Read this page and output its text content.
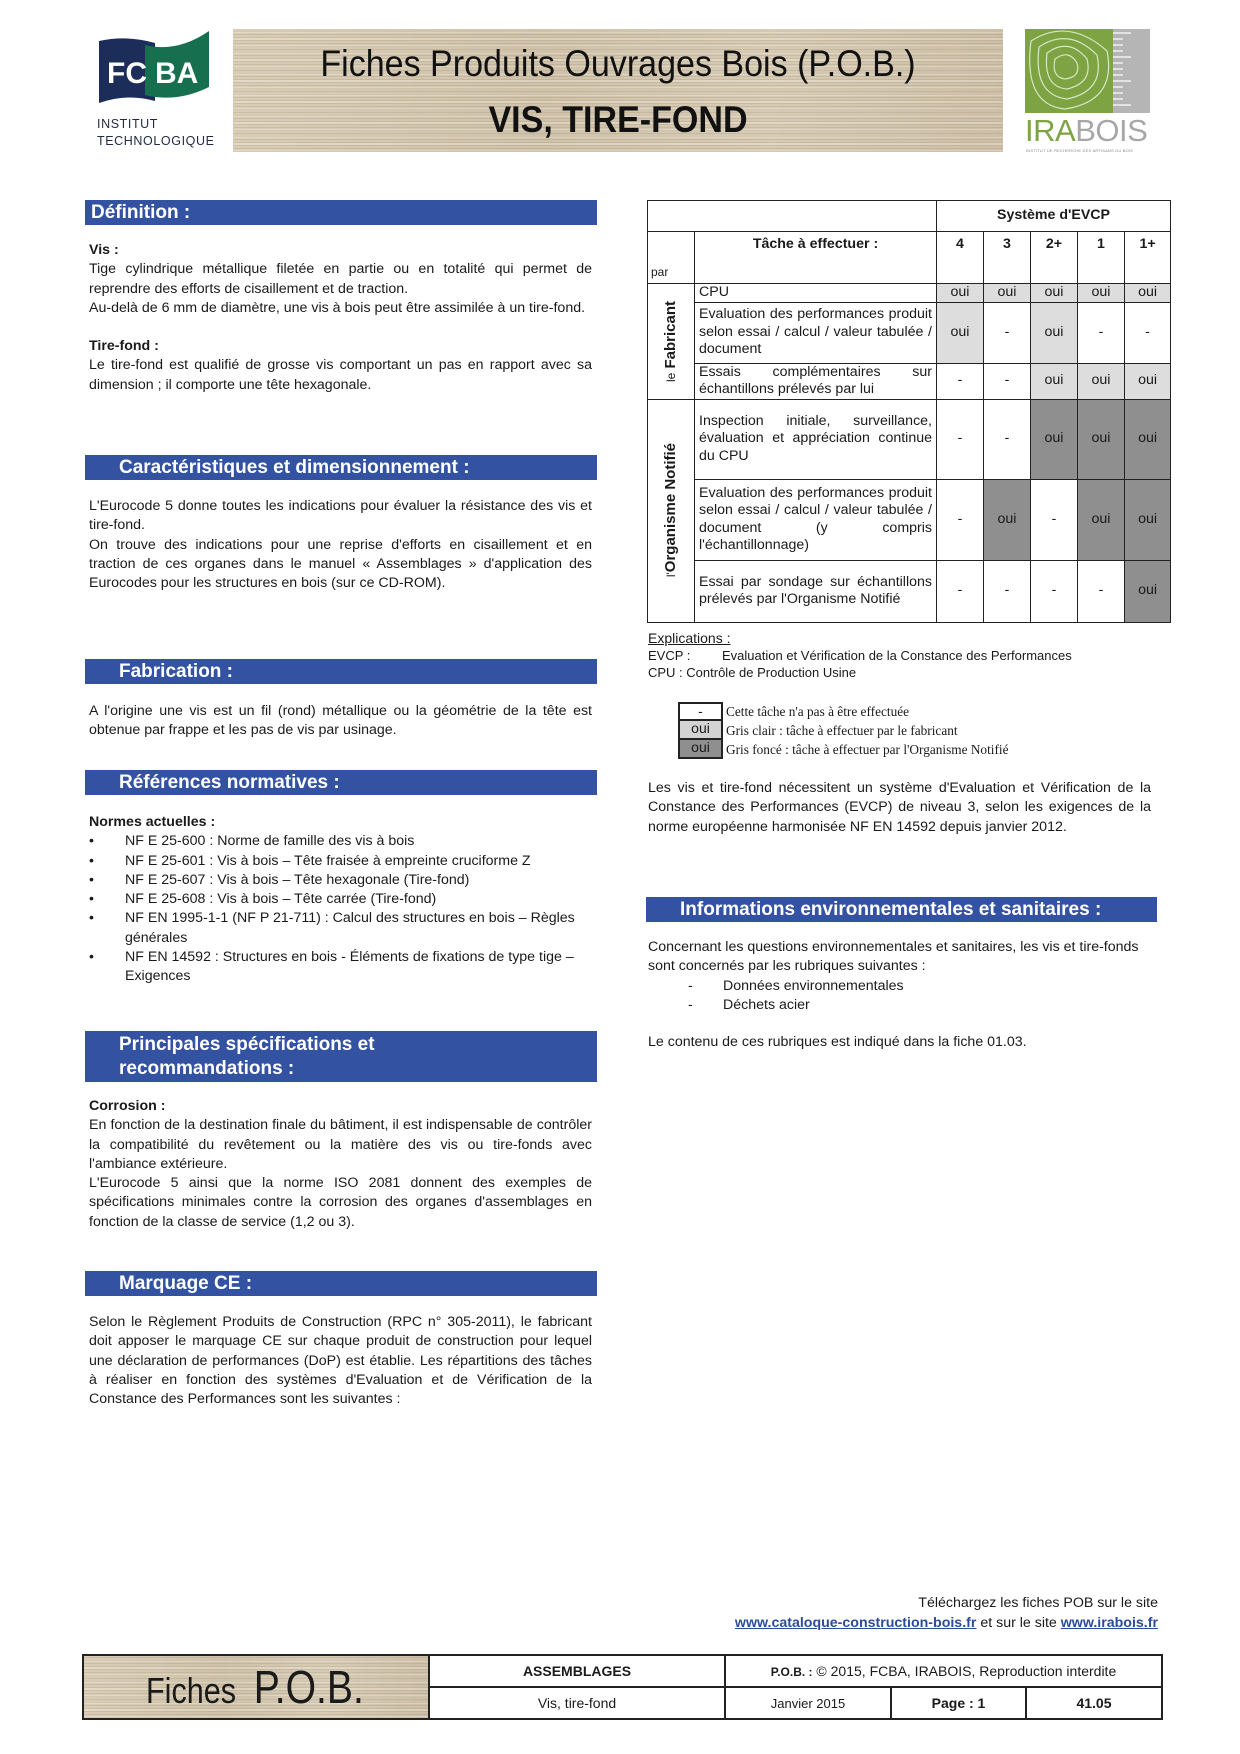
FC BA
INSTITUT
TECHNOLOGIQUE
Fiches Produits Ouvrages Bois (P.O.B.)
VIS, TIRE-FOND	IRABOIS
INSTITUT DE RECHERCHE DES ARTISANS DU BOIS
Définition :
Vis :
Tige cylindrique métallique filetée en partie ou en totalité qui permet de reprendre des efforts de cisaillement et de traction.
Au-delà de 6 mm de diamètre, une vis à bois peut être assimilée à un tire-fond.
Tire-fond :
Le tire-fond est qualifié de grosse vis comportant un pas en rapport avec sa dimension ; il comporte une tête hexagonale.
Caractéristiques et dimensionnement :
L'Eurocode 5 donne toutes les indications pour évaluer la résistance des vis et tire-fond.
On trouve des indications pour une reprise d'efforts en cisaillement et en traction de ces organes dans le manuel « Assemblages » d'application des Eurocodes pour les structures en bois (sur ce CD-ROM).
Fabrication :
A l'origine une vis est un fil (rond) métallique ou la géométrie de la tête est obtenue par frappe et les pas de vis par usinage.
Références normatives :
Normes actuelles :
• NF E 25-600 : Norme de famille des vis à bois
• NF E 25-601 : Vis à bois – Tête fraisée à empreinte cruciforme Z
• NF E 25-607 : Vis à bois – Tête hexagonale (Tire-fond)
• NF E 25-608 : Vis à bois – Tête carrée (Tire-fond)
• NF EN 1995-1-1 (NF P 21-711) : Calcul des structures en bois – Règles générales
• NF EN 14592 : Structures en bois - Éléments de fixations de type tige – Exigences
Principales spécifications et
recommandations :
Corrosion :
En fonction de la destination finale du bâtiment, il est indispensable de contrôler la compatibilité du revêtement ou la matière des vis ou tire-fonds avec l'ambiance extérieure.
L'Eurocode 5 ainsi que la norme ISO 2081 donnent des exemples de spécifications minimales contre la corrosion des organes d'assemblages en fonction de la classe de service (1,2 ou 3).
Marquage CE :
Selon le Règlement Produits de Construction (RPC n° 305-2011), le fabricant doit apposer le marquage CE sur chaque produit de construction pour lequel une déclaration de performances (DoP) est établie. Les répartitions des tâches à réaliser en fonction des systèmes d'Evaluation et de Vérification de la Constance des Performances sont les suivantes :
		Système d'EVCP				
par	Tâche à effectuer :	4	3	2+	1	1+

le Fabricant	CPU	oui	oui	oui	oui	oui
	Evaluation des performances produit selon essai / calcul / valeur tabulée / document	oui	-	oui	-	-
	Essais complémentaires sur échantillons prélevés par lui	-	-	oui	oui	oui

l'Organisme Notifié	Inspection initiale, surveillance, évaluation et appréciation continue du CPU	-	-	oui	oui	oui
	Evaluation des performances produit selon essai / calcul / valeur tabulée / document (y compris l'échantillonnage)	-	oui	-	oui	oui
	Essai par sondage sur échantillons prélevés par l'Organisme Notifié	-	-	-	-	oui
Explications :
EVCP : Evaluation et Vérification de la Constance des Performances
CPU : Contrôle de Production Usine
-	Cette tâche n'a pas à être effectuée
oui	Gris clair : tâche à effectuer par le fabricant
oui	Gris foncé : tâche à effectuer par l'Organisme Notifié
Les vis et tire-fond nécessitent un système d'Evaluation et Vérification de la Constance des Performances (EVCP) de niveau 3, selon les exigences de la norme européenne harmonisée NF EN 14592 depuis janvier 2012.
Informations environnementales et sanitaires :
Concernant les questions environnementales et sanitaires, les vis et tire-fonds sont concernés par les rubriques suivantes :
- Données environnementales
- Déchets acier
Le contenu de ces rubriques est indiqué dans la fiche 01.03.
Téléchargez les fiches POB sur le site
www.cataloque-construction-bois.fr et sur le site www.irabois.fr
FichesP.O.B.	ASSEMBLAGES	P.O.B. : © 2015, FCBA, IRABOIS, Reproduction interdite		
	Vis, tire-fond	Janvier 2015	Page : 1	41.05
